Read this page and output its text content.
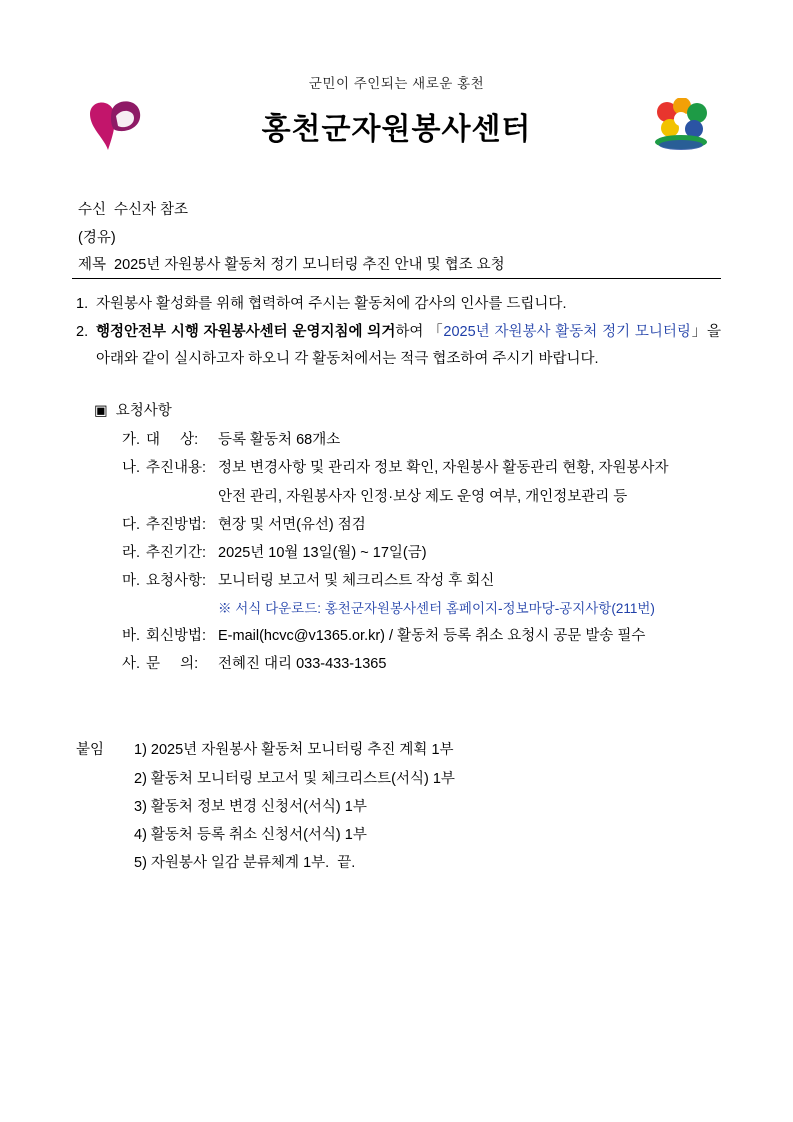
군민이 주인되는 새로운 홍천
홍천군자원봉사센터
수신 수신자 참조
(경유)
제목 2025년 자원봉사 활동처 정기 모니터링 추진 안내 및 협조 요청
1. 자원봉사 활성화를 위해 협력하여 주시는 활동처에 감사의 인사를 드립니다.
2. 행정안전부 시행 자원봉사센터 운영지침에 의거하여 「2025년 자원봉사 활동처 정기 모니터링」을 아래와 같이 실시하고자 하오니 각 활동처에서는 적극 협조하여 주시기 바랍니다.
▣ 요청사항
가. 대     상:	등록 활동처 68개소
나. 추진내용: 정보 변경사항 및 관리자 정보 확인, 자원봉사 활동관리 현황, 자원봉사자
안전 관리, 자원봉사자 인정·보상 제도 운영 여부, 개인정보관리 등
다. 추진방법: 현장 및 서면(유선) 점검
라. 추진기간: 2025년 10월 13일(월) ~ 17일(금)
마. 요청사항: 모니터링 보고서 및 체크리스트 작성 후 회신
※ 서식 다운로드: 홍천군자원봉사센터 홈페이지-정보마당-공지사항(211번)
바. 회신방법: E-mail(hcvc@v1365.or.kr) / 활동처 등록 취소 요청시 공문 발송 필수
사. 문     의:	전혜진 대리 033-433-1365
붙임	1) 2025년 자원봉사 활동처 모니터링 추진 계획 1부
2) 활동처 모니터링 보고서 및 체크리스트(서식) 1부
3) 활동처 정보 변경 신청서(서식) 1부
4) 활동처 등록 취소 신청서(서식) 1부
5) 자원봉사 일감 분류체계 1부.  끝.
